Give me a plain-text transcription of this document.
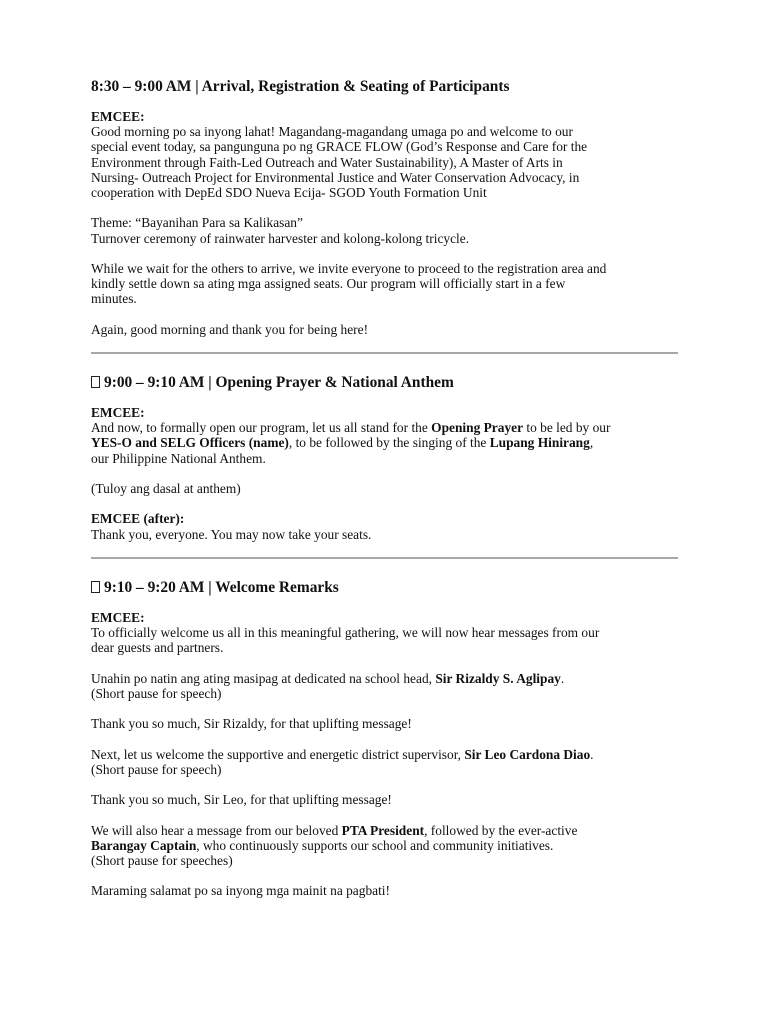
8:30 – 9:00 AM | Arrival, Registration & Seating of Participants

EMCEE:

Good morning po sa inyong lahat! Magandang-magandang umaga po and welcome to our

special event today, sa pangunguna po ng GRACE FLOW (God’s Response and Care for the

Environment through Faith-Led Outreach and Water Sustainability), A Master of Arts in

Nursing- Outreach Project for Environmental Justice and Water Conservation Advocacy, in

cooperation with DepEd SDO Nueva Ecija- SGOD Youth Formation Unit

Theme: “Bayanihan Para sa Kalikasan”

Turnover ceremony of rainwater harvester and kolong-kolong tricycle.

While we wait for the others to arrive, we invite everyone to proceed to the registration area and

kindly settle down sa ating mga assigned seats. Our program will officially start in a few

minutes.

Again, good morning and thank you for being here!

9:00 – 9:10 AM | Opening Prayer & National Anthem

EMCEE:

And now, to formally open our program, let us all stand for the Opening Prayer to be led by our

YES-O and SELG Officers (name), to be followed by the singing of the Lupang Hinirang,

our Philippine National Anthem.

(Tuloy ang dasal at anthem)

EMCEE (after):

Thank you, everyone. You may now take your seats.

9:10 – 9:20 AM | Welcome Remarks

EMCEE:

To officially welcome us all in this meaningful gathering, we will now hear messages from our

dear guests and partners.

Unahin po natin ang ating masipag at dedicated na school head, Sir Rizaldy S. Aglipay.

(Short pause for speech)

Thank you so much, Sir Rizaldy, for that uplifting message!

Next, let us welcome the supportive and energetic district supervisor, Sir Leo Cardona Diao.

(Short pause for speech)

Thank you so much, Sir Leo, for that uplifting message!

We will also hear a message from our beloved PTA President, followed by the ever-active

Barangay Captain, who continuously supports our school and community initiatives.

(Short pause for speeches)

Maraming salamat po sa inyong mga mainit na pagbati!
